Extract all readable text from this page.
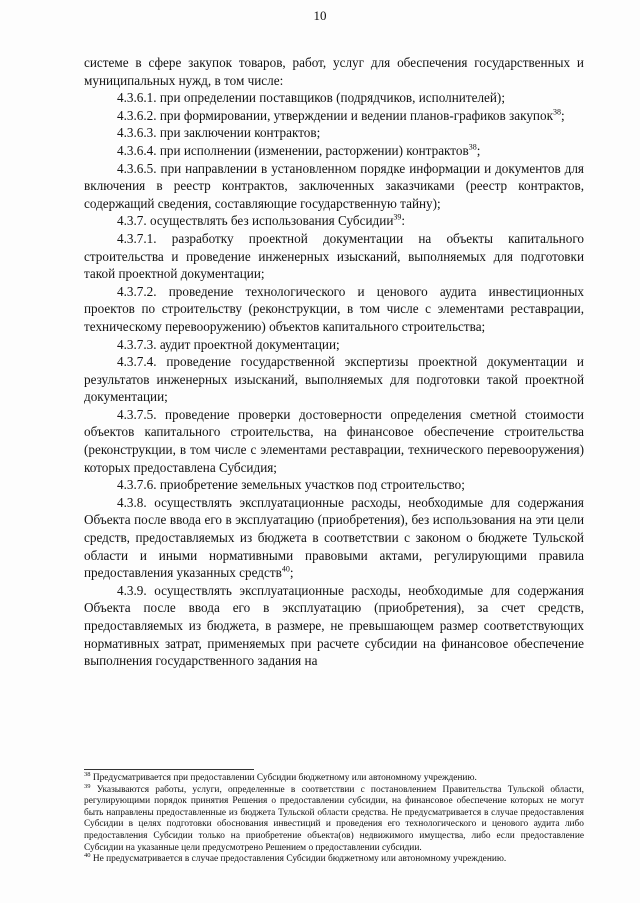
10

системе в сфере закупок товаров, работ, услуг для обеспечения государственных и муниципальных нужд, в том числе:

4.3.6.1. при определении поставщиков (подрядчиков, исполнителей);

4.3.6.2. при формировании, утверждении и ведении планов-графиков закупок$^{38}$;

4.3.6.3. при заключении контрактов;

4.3.6.4. при исполнении (изменении, расторжении) контрактов$^{38}$;

4.3.6.5. при направлении в установленном порядке информации и документов для включения в реестр контрактов, заключенных заказчиками (реестр контрактов, содержащий сведения, составляющие государственную тайну);

4.3.7. осуществлять без использования Субсидии$^{39}$:

4.3.7.1. разработку проектной документации на объекты капитального строительства и проведение инженерных изысканий, выполняемых для подготовки такой проектной документации;

4.3.7.2. проведение технологического и ценового аудита инвестиционных проектов по строительству (реконструкции, в том числе с элементами реставрации, техническому перевооружению) объектов капитального строительства;

4.3.7.3. аудит проектной документации;

4.3.7.4. проведение государственной экспертизы проектной документации и результатов инженерных изысканий, выполняемых для подготовки такой проектной документации;

4.3.7.5. проведение проверки достоверности определения сметной стоимости объектов капитального строительства, на финансовое обеспечение строительства (реконструкции, в том числе с элементами реставрации, технического перевооружения) которых предоставлена Субсидия;

4.3.7.6. приобретение земельных участков под строительство;

4.3.8. осуществлять эксплуатационные расходы, необходимые для содержания Объекта после ввода его в эксплуатацию (приобретения), без использования на эти цели средств, предоставляемых из бюджета в соответствии с законом о бюджете Тульской области и иными нормативными правовыми актами, регулирующими правила предоставления указанных средств$^{40}$;

4.3.9. осуществлять эксплуатационные расходы, необходимые для содержания Объекта после ввода его в эксплуатацию (приобретения), за счет средств, предоставляемых из бюджета, в размере, не превышающем размер соответствующих нормативных затрат, применяемых при расчете субсидии на финансовое обеспечение выполнения государственного задания на

$^{38}$ Предусматривается при предоставлении Субсидии бюджетному или автономному учреждению.

$^{39}$ Указываются работы, услуги, определенные в соответствии с постановлением Правительства Тульской области, регулирующими порядок принятия Решения о предоставлении субсидии, на финансовое обеспечение которых не могут быть направлены предоставленные из бюджета Тульской области средства. Не предусматривается в случае предоставления Субсидии в целях подготовки обоснования инвестиций и проведения его технологического и ценового аудита либо предоставления Субсидии только на приобретение объекта(ов) недвижимого имущества, либо если предоставление Субсидии на указанные цели предусмотрено Решением о предоставлении субсидии.

$^{40}$ Не предусматривается в случае предоставления Субсидии бюджетному или автономному учреждению.
